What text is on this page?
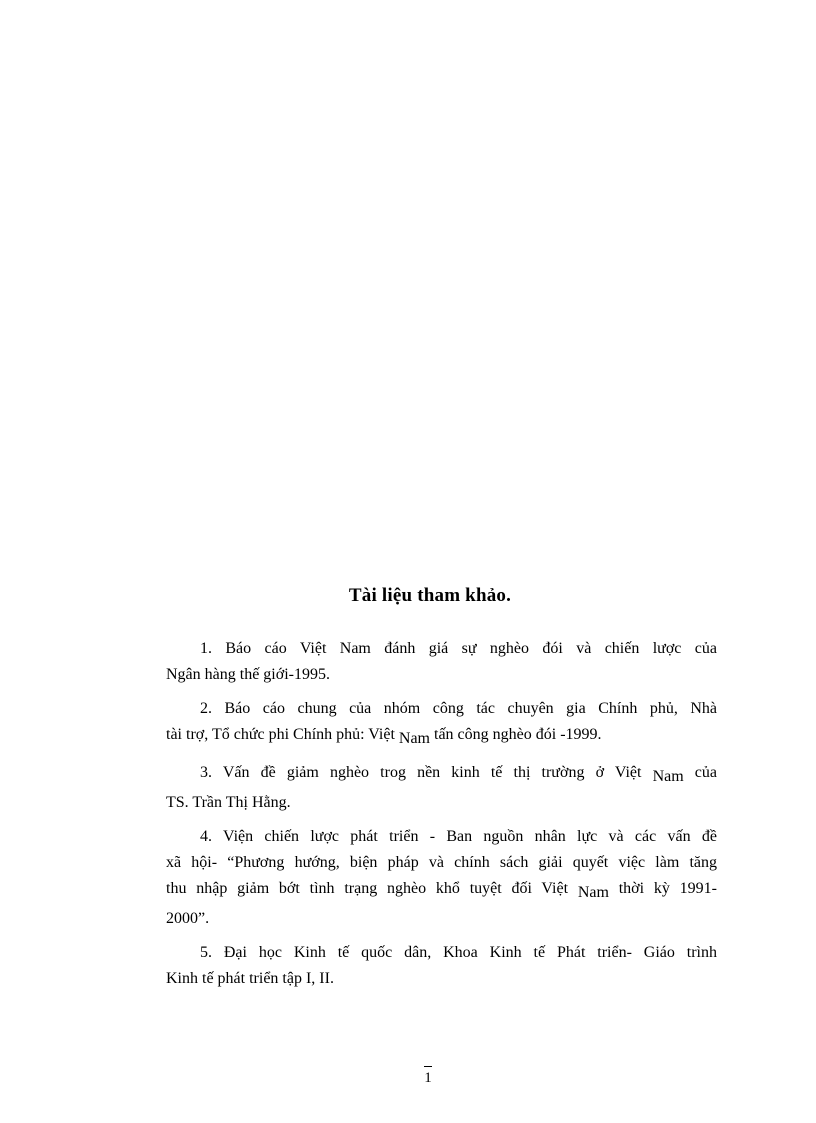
Tài liệu tham khảo.
1. Báo cáo Việt Nam đánh giá sự nghèo đói và chiến lược của
Ngân hàng thế giới-1995.
2. Báo cáo chung của nhóm công tác chuyên gia Chính phủ, Nhà
tài trợ, Tổ chức phi Chính phủ: Việt Nam tấn công nghèo đói -1999.
3. Vấn đề giảm nghèo trog nền kinh tế thị trường ở Việt Nam của
TS. Trần Thị Hằng.
4. Viện chiến lược phát triển - Ban nguồn nhân lực và các vấn đề
xã hội- “Phương hướng, biện pháp và chính sách giải quyết việc làm tăng
thu nhập giảm bớt tình trạng nghèo khổ tuyệt đối Việt Nam thời kỳ 1991-
2000”.
5. Đại học Kinh tế quốc dân, Khoa Kinh tế Phát triển- Giáo trình
Kinh tế phát triển tập I, II.
1
